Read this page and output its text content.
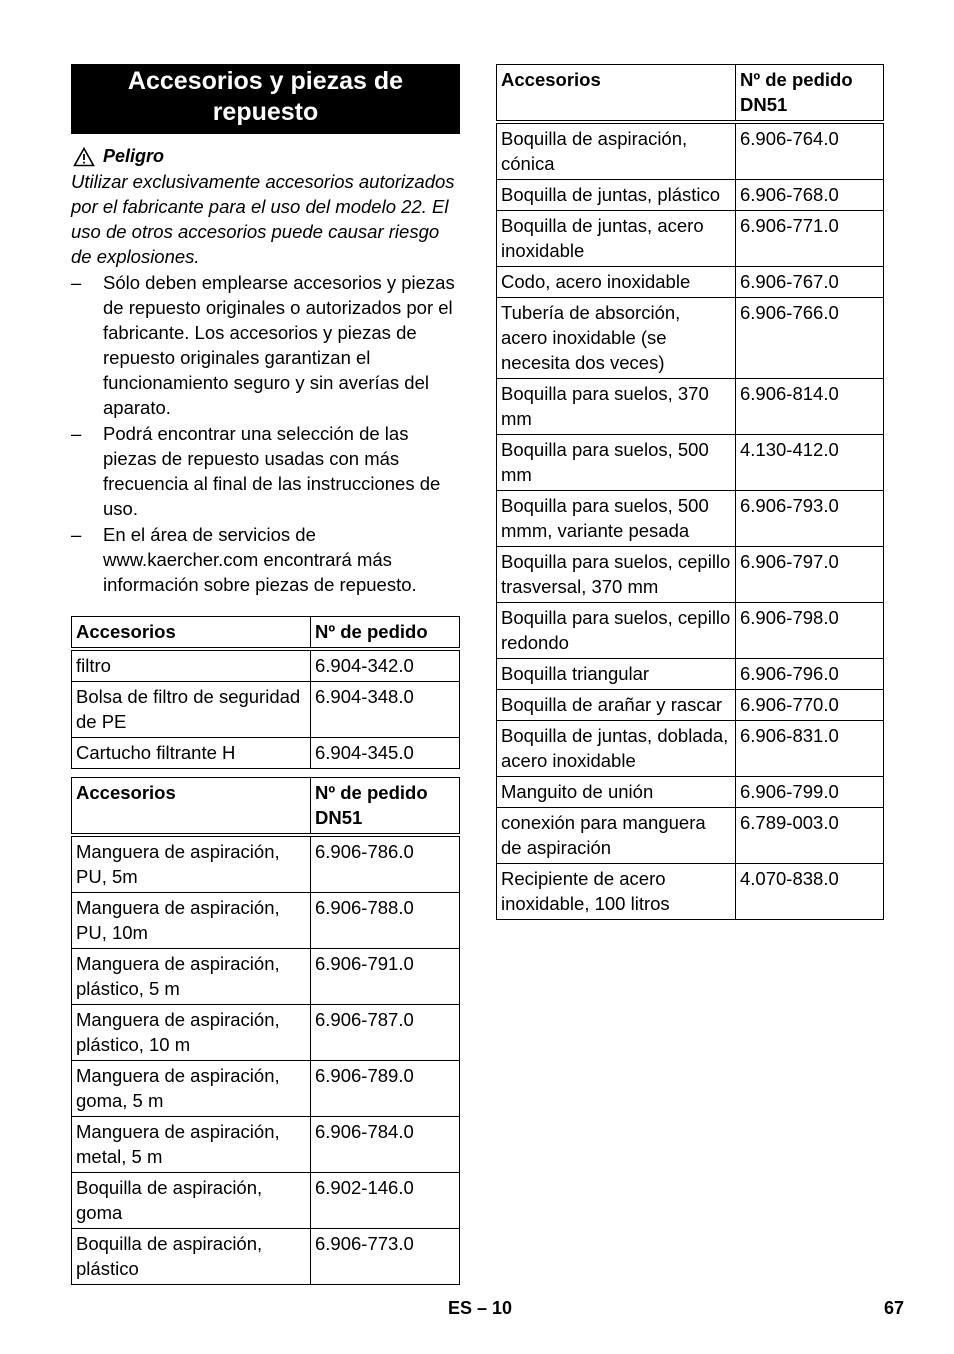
Accesorios y piezas de repuesto
Peligro
Utilizar exclusivamente accesorios autorizados por el fabricante para el uso del modelo 22. El uso de otros accesorios puede causar riesgo de explosiones.
–	Sólo deben emplearse accesorios y piezas de repuesto originales o autorizados por el fabricante. Los accesorios y piezas de repuesto originales garantizan el funcionamiento seguro y sin averías del aparato.
–	Podrá encontrar una selección de las piezas de repuesto usadas con más frecuencia al final de las instrucciones de uso.
–	En el área de servicios de www.kaercher.com encontrará más información sobre piezas de repuesto.
Accesorios	Nº de pedido
filtro	6.904-342.0
Bolsa de filtro de seguridad de PE	6.904-348.0
Cartucho filtrante H	6.904-345.0
Accesorios	Nº de pedido DN51
Manguera de aspiración, PU, 5m	6.906-786.0
Manguera de aspiración, PU, 10m	6.906-788.0
Manguera de aspiración, plástico, 5 m	6.906-791.0
Manguera de aspiración, plástico, 10 m	6.906-787.0
Manguera de aspiración, goma, 5 m	6.906-789.0
Manguera de aspiración, metal, 5 m	6.906-784.0
Boquilla de aspiración, goma	6.902-146.0
Boquilla de aspiración, plástico	6.906-773.0
Accesorios	Nº de pedido DN51
Boquilla de aspiración, cónica	6.906-764.0
Boquilla de juntas, plástico	6.906-768.0
Boquilla de juntas, acero inoxidable	6.906-771.0
Codo, acero inoxidable	6.906-767.0
Tubería de absorción, acero inoxidable (se necesita dos veces)	6.906-766.0
Boquilla para suelos, 370 mm	6.906-814.0
Boquilla para suelos, 500 mm	4.130-412.0
Boquilla para suelos, 500 mmm, variante pesada	6.906-793.0
Boquilla para suelos, cepillo trasversal, 370 mm	6.906-797.0
Boquilla para suelos, cepillo redondo	6.906-798.0
Boquilla triangular	6.906-796.0
Boquilla de arañar y rascar	6.906-770.0
Boquilla de juntas, doblada, acero inoxidable	6.906-831.0
Manguito de unión	6.906-799.0
conexión para manguera de aspiración	6.789-003.0
Recipiente de acero inoxidable, 100 litros	4.070-838.0
ES – 10	67
